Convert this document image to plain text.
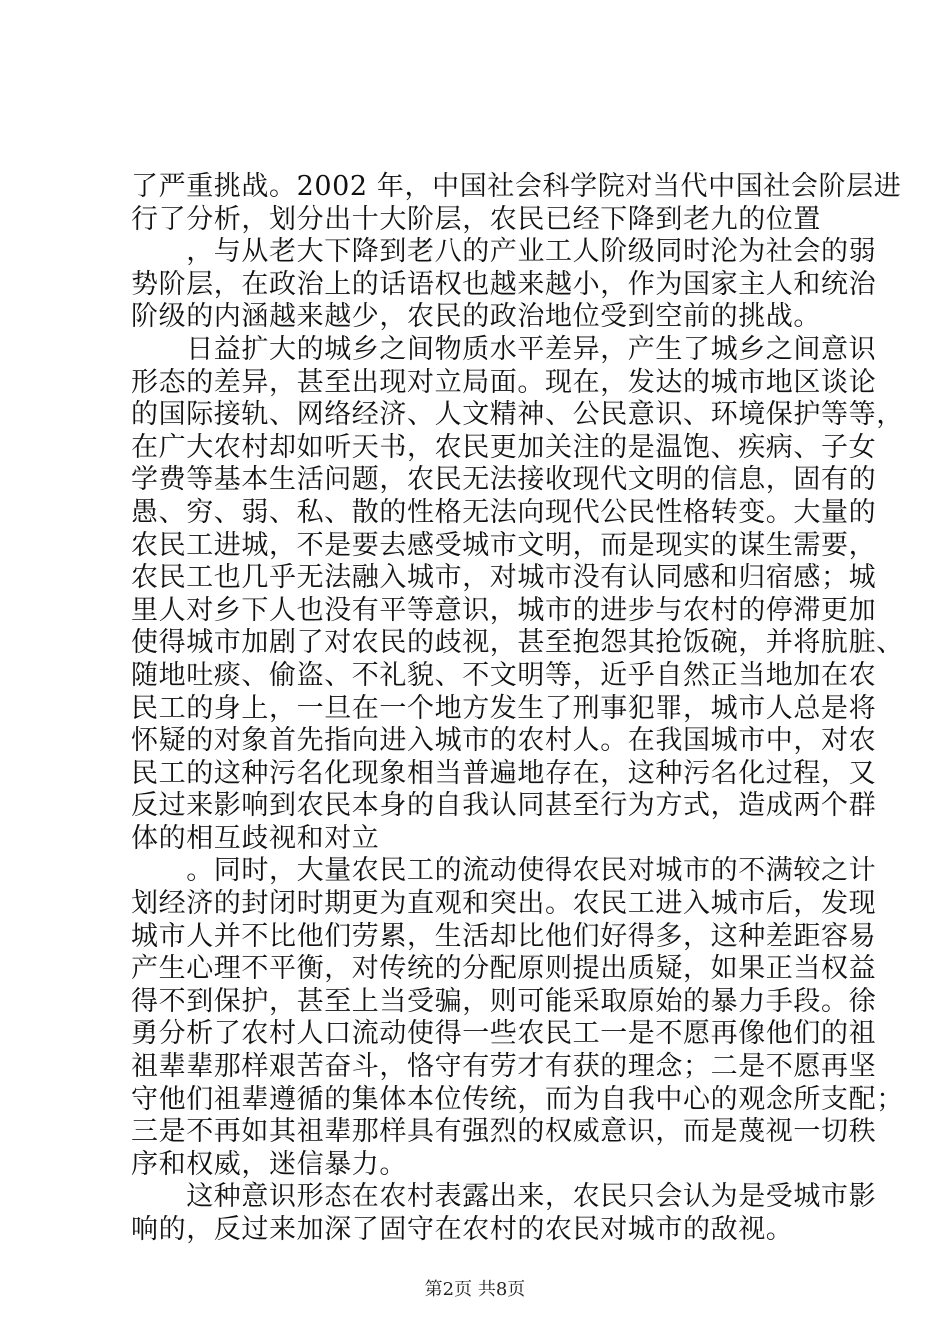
了严重挑战。2002 年，中国社会科学院对当代中国社会阶层进
行了分析，划分出十大阶层，农民已经下降到老九的位置
　　，与从老大下降到老八的产业工人阶级同时沦为社会的弱
势阶层，在政治上的话语权也越来越小，作为国家主人和统治
阶级的内涵越来越少，农民的政治地位受到空前的挑战。
　　日益扩大的城乡之间物质水平差异，产生了城乡之间意识
形态的差异，甚至出现对立局面。现在，发达的城市地区谈论
的国际接轨、网络经济、人文精神、公民意识、环境保护等等，
在广大农村却如听天书，农民更加关注的是温饱、疾病、子女
学费等基本生活问题，农民无法接收现代文明的信息，固有的
愚、穷、弱、私、散的性格无法向现代公民性格转变。大量的
农民工进城，不是要去感受城市文明，而是现实的谋生需要，
农民工也几乎无法融入城市，对城市没有认同感和归宿感；城
里人对乡下人也没有平等意识，城市的进步与农村的停滞更加
使得城市加剧了对农民的歧视，甚至抱怨其抢饭碗，并将肮脏、
随地吐痰、偷盗、不礼貌、不文明等，近乎自然正当地加在农
民工的身上，一旦在一个地方发生了刑事犯罪，城市人总是将
怀疑的对象首先指向进入城市的农村人。在我国城市中，对农
民工的这种污名化现象相当普遍地存在，这种污名化过程，又
反过来影响到农民本身的自我认同甚至行为方式，造成两个群
体的相互歧视和对立
　　。同时，大量农民工的流动使得农民对城市的不满较之计
划经济的封闭时期更为直观和突出。农民工进入城市后，发现
城市人并不比他们劳累，生活却比他们好得多，这种差距容易
产生心理不平衡，对传统的分配原则提出质疑，如果正当权益
得不到保护，甚至上当受骗，则可能采取原始的暴力手段。徐
勇分析了农村人口流动使得一些农民工一是不愿再像他们的祖
祖辈辈那样艰苦奋斗，恪守有劳才有获的理念；二是不愿再坚
守他们祖辈遵循的集体本位传统，而为自我中心的观念所支配；
三是不再如其祖辈那样具有强烈的权威意识，而是蔑视一切秩
序和权威，迷信暴力。
　　这种意识形态在农村表露出来，农民只会认为是受城市影
响的，反过来加深了固守在农村的农民对城市的敌视。
第2页 共8页
